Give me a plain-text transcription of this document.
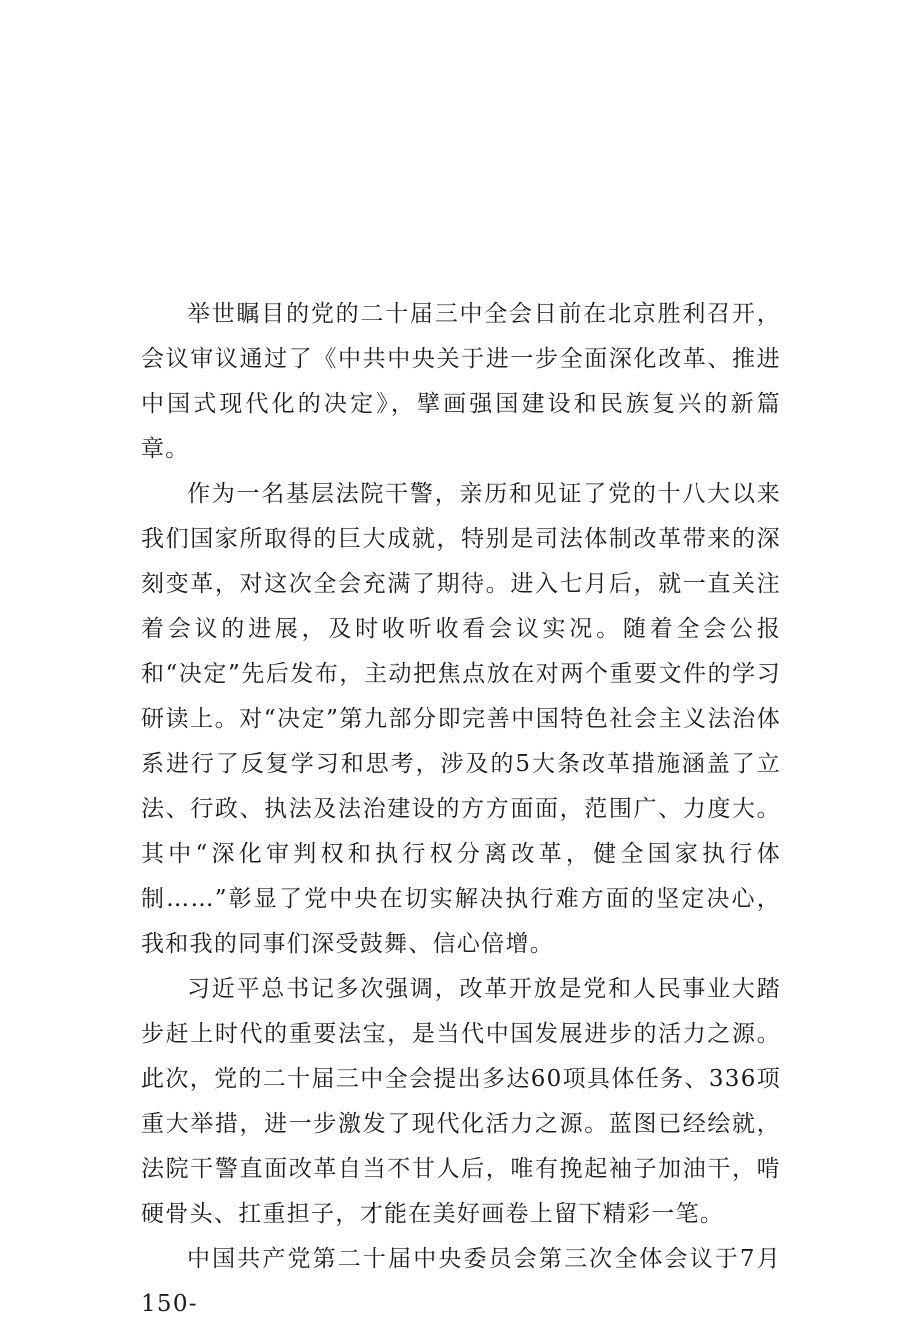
举世瞩目的党的二十届三中全会日前在北京胜利召开，会议审议通过了《中共中央关于进一步全面深化改革、推进中国式现代化的决定》，擘画强国建设和民族复兴的新篇章。

作为一名基层法院干警，亲历和见证了党的十八大以来我们国家所取得的巨大成就，特别是司法体制改革带来的深刻变革，对这次全会充满了期待。进入七月后，就一直关注着会议的进展，及时收听收看会议实况。随着全会公报和“决定”先后发布，主动把焦点放在对两个重要文件的学习研读上。对“决定”第九部分即完善中国特色社会主义法治体系进行了反复学习和思考，涉及的5大条改革措施涵盖了立法、行政、执法及法治建设的方方面面，范围广、力度大。其中“深化审判权和执行权分离改革，健全国家执行体制……”彰显了党中央在切实解决执行难方面的坚定决心，我和我的同事们深受鼓舞、信心倍增。

习近平总书记多次强调，改革开放是党和人民事业大踏步赶上时代的重要法宝，是当代中国发展进步的活力之源。此次，党的二十届三中全会提出多达60项具体任务、336项重大举措，进一步激发了现代化活力之源。蓝图已经绘就，法院干警直面改革自当不甘人后，唯有挽起袖子加油干，啃硬骨头、扛重担子，才能在美好画卷上留下精彩一笔。

中国共产党第二十届中央委员会第三次全体会议于7月150-
